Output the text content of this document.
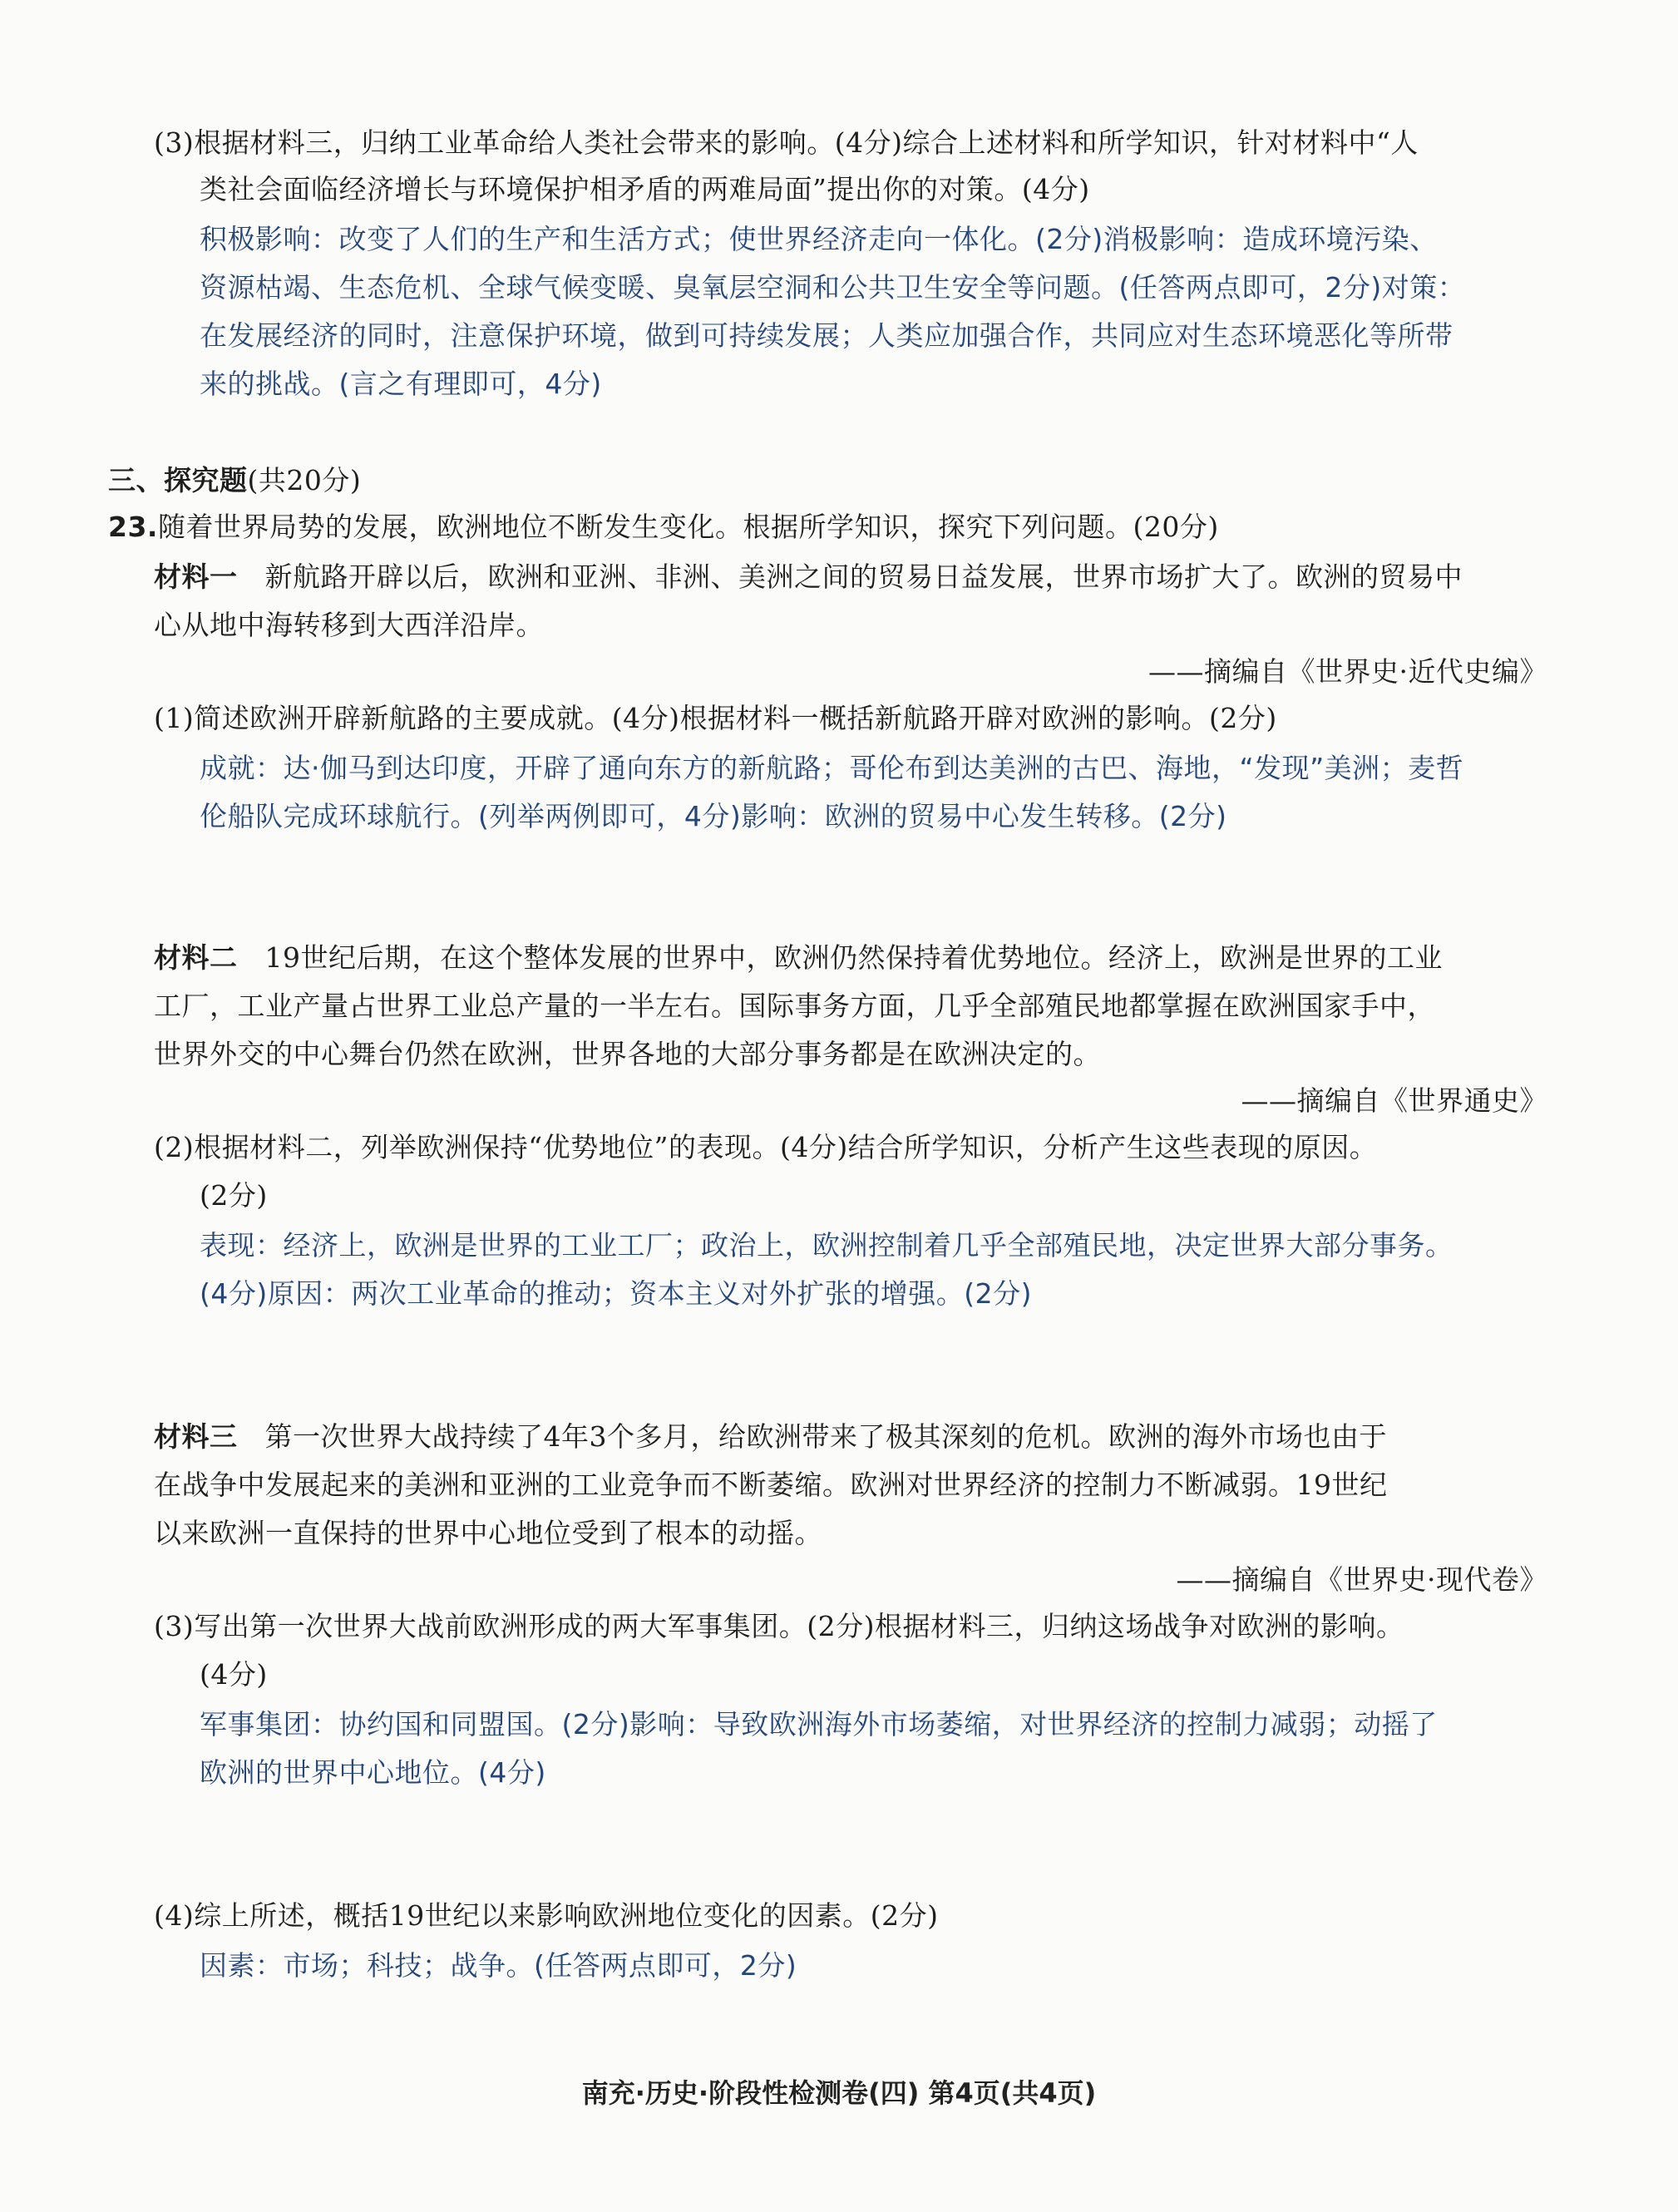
(3)根据材料三，归纳工业革命给人类社会带来的影响。(4分)综合上述材料和所学知识，针对材料中“人
类社会面临经济增长与环境保护相矛盾的两难局面”提出你的对策。(4分)
积极影响：改变了人们的生产和生活方式；使世界经济走向一体化。(2分)消极影响：造成环境污染、
资源枯竭、生态危机、全球气候变暖、臭氧层空洞和公共卫生安全等问题。(任答两点即可，2分)对策：
在发展经济的同时，注意保护环境，做到可持续发展；人类应加强合作，共同应对生态环境恶化等所带
来的挑战。(言之有理即可，4分)
三、探究题(共20分)
23.随着世界局势的发展，欧洲地位不断发生变化。根据所学知识，探究下列问题。(20分)
材料一 新航路开辟以后，欧洲和亚洲、非洲、美洲之间的贸易日益发展，世界市场扩大了。欧洲的贸易中
心从地中海转移到大西洋沿岸。
——摘编自《世界史·近代史编》
(1)简述欧洲开辟新航路的主要成就。(4分)根据材料一概括新航路开辟对欧洲的影响。(2分)
成就：达·伽马到达印度，开辟了通向东方的新航路；哥伦布到达美洲的古巴、海地，“发现”美洲；麦哲
伦船队完成环球航行。(列举两例即可，4分)影响：欧洲的贸易中心发生转移。(2分)
材料二 19世纪后期，在这个整体发展的世界中，欧洲仍然保持着优势地位。经济上，欧洲是世界的工业
工厂，工业产量占世界工业总产量的一半左右。国际事务方面，几乎全部殖民地都掌握在欧洲国家手中，
世界外交的中心舞台仍然在欧洲，世界各地的大部分事务都是在欧洲决定的。
——摘编自《世界通史》
(2)根据材料二，列举欧洲保持“优势地位”的表现。(4分)结合所学知识，分析产生这些表现的原因。
(2分)
表现：经济上，欧洲是世界的工业工厂；政治上，欧洲控制着几乎全部殖民地，决定世界大部分事务。
(4分)原因：两次工业革命的推动；资本主义对外扩张的增强。(2分)
材料三 第一次世界大战持续了4年3个多月，给欧洲带来了极其深刻的危机。欧洲的海外市场也由于
在战争中发展起来的美洲和亚洲的工业竞争而不断萎缩。欧洲对世界经济的控制力不断减弱。19世纪
以来欧洲一直保持的世界中心地位受到了根本的动摇。
——摘编自《世界史·现代卷》
(3)写出第一次世界大战前欧洲形成的两大军事集团。(2分)根据材料三，归纳这场战争对欧洲的影响。
(4分)
军事集团：协约国和同盟国。(2分)影响：导致欧洲海外市场萎缩，对世界经济的控制力减弱；动摇了
欧洲的世界中心地位。(4分)
(4)综上所述，概括19世纪以来影响欧洲地位变化的因素。(2分)
因素：市场；科技；战争。(任答两点即可，2分)
南充·历史·阶段性检测卷(四) 第4页(共4页)
